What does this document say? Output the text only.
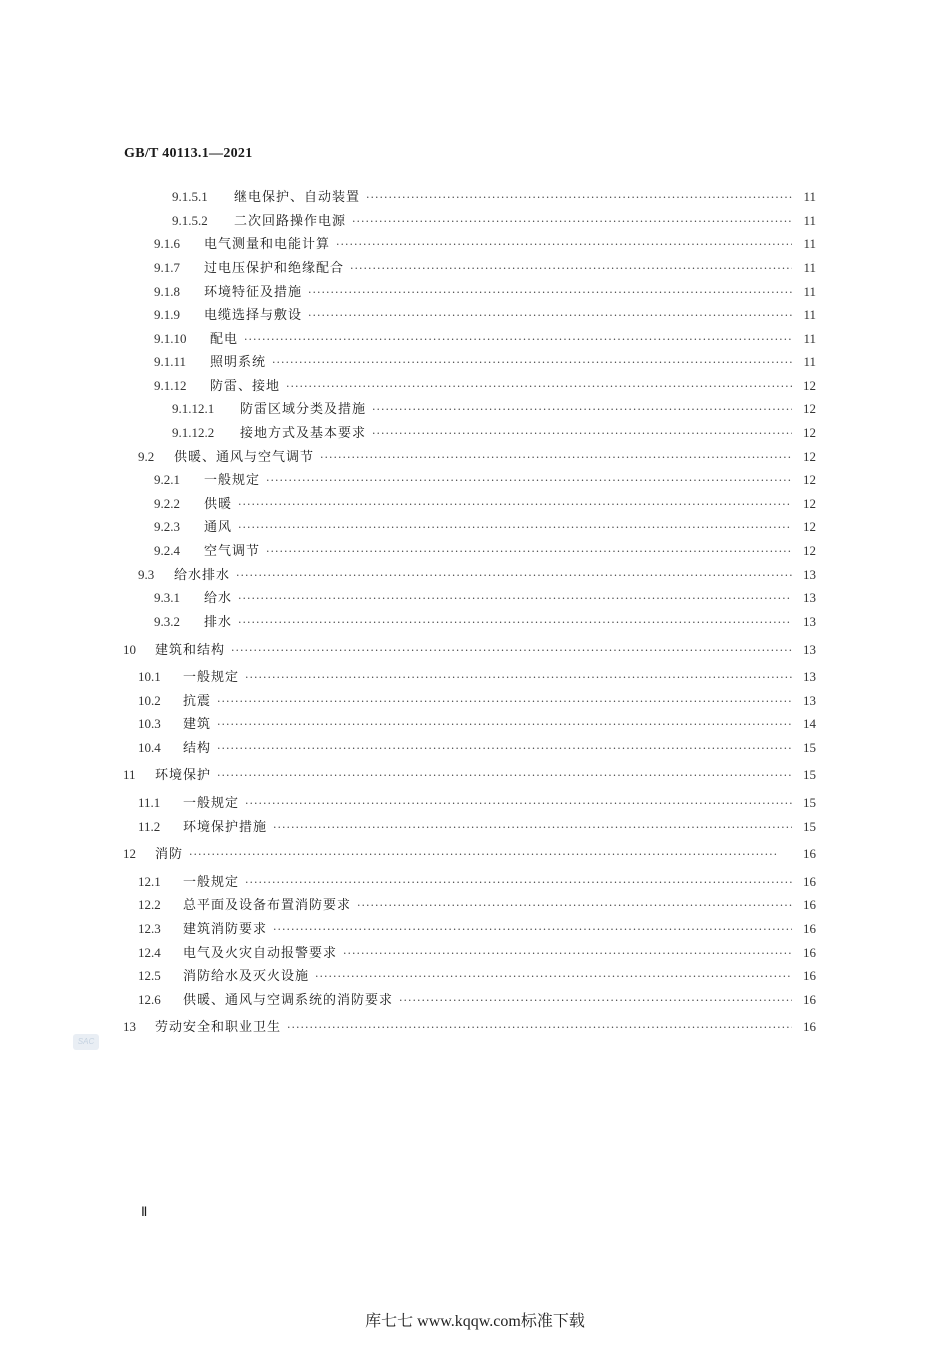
GB/T 40113.1—2021
9.1.5.1	继电保护、自动装置 ·····	11
9.1.5.2	二次回路操作电源 ·····	11
9.1.6	电气测量和电能计算 ·····	11
9.1.7	过电压保护和绝缘配合 ·····	11
9.1.8	环境特征及措施 ·····	11
9.1.9	电缆选择与敷设 ·····	11
9.1.10	配电 ·····	11
9.1.11	照明系统 ·····	11
9.1.12	防雷、接地 ·····	12
9.1.12.1	防雷区域分类及措施 ·····	12
9.1.12.2	接地方式及基本要求 ·····	12
9.2	供暖、通风与空气调节 ·····	12
9.2.1	一般规定 ·····	12
9.2.2	供暖 ·····	12
9.2.3	通风 ·····	12
9.2.4	空气调节 ·····	12
9.3	给水排水 ·····	13
9.3.1	给水 ·····	13
9.3.2	排水 ·····	13
10	建筑和结构 ·····	13
10.1	一般规定 ·····	13
10.2	抗震 ·····	13
10.3	建筑 ·····	14
10.4	结构 ·····	15
11	环境保护 ·····	15
11.1	一般规定 ·····	15
11.2	环境保护措施 ·····	15
12	消防 ·····	16
12.1	一般规定 ·····	16
12.2	总平面及设备布置消防要求 ·····	16
12.3	建筑消防要求 ·····	16
12.4	电气及火灾自动报警要求 ·····	16
12.5	消防给水及灭火设施 ·····	16
12.6	供暖、通风与空调系统的消防要求 ·····	16
13	劳动安全和职业卫生 ·····	16
SAC
Ⅱ
库七七 www.kqqw.com标准下载
